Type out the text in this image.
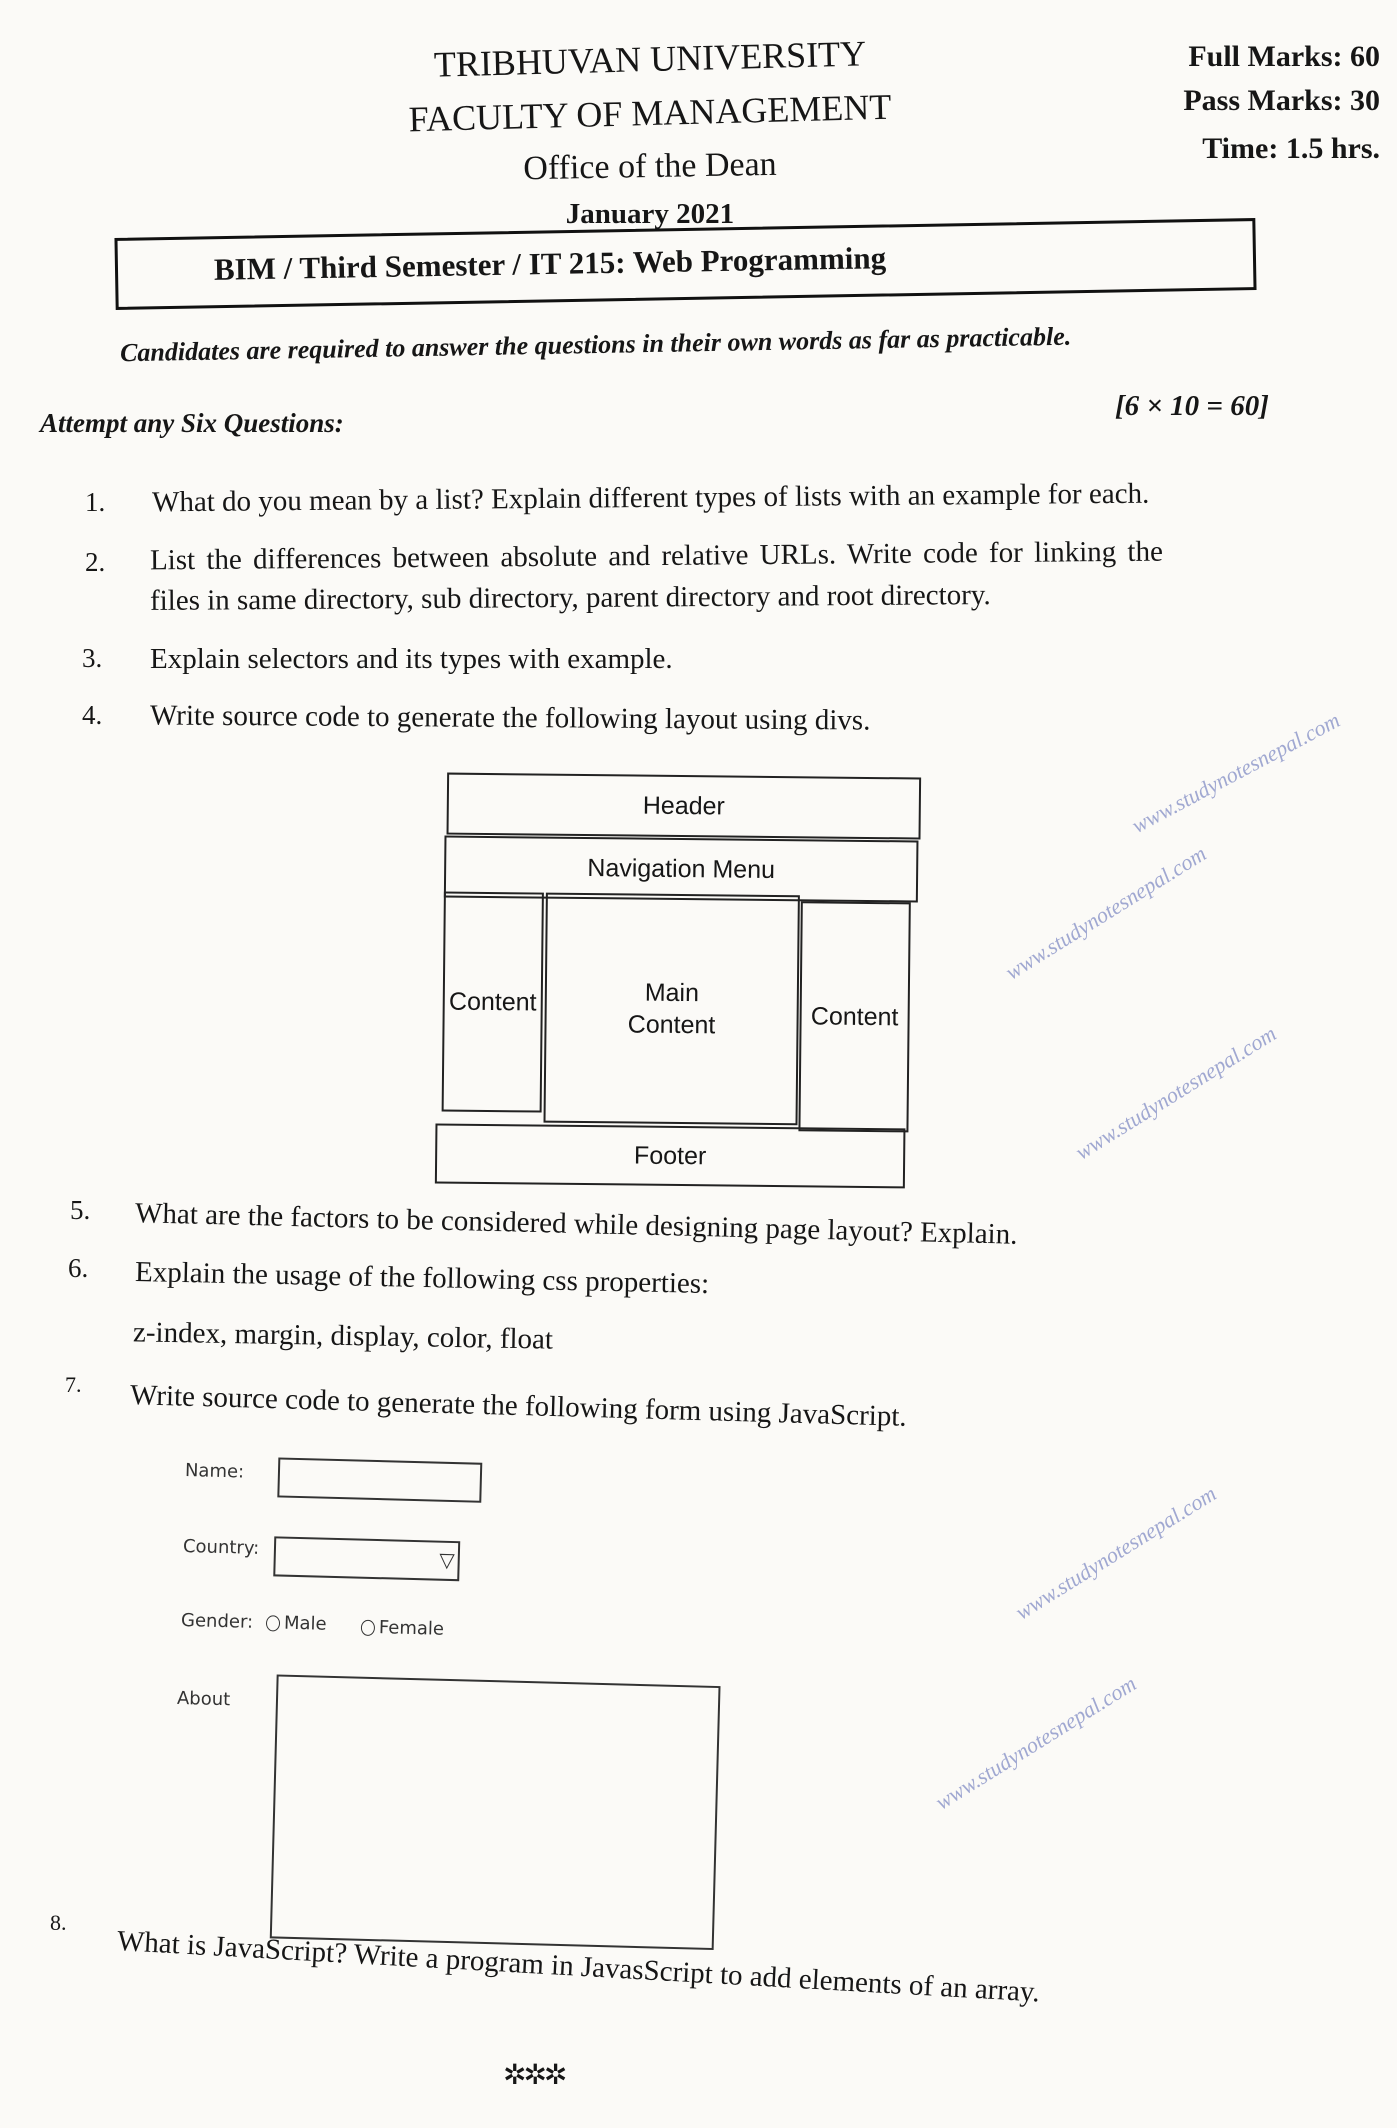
TRIBHUVAN UNIVERSITY
FACULTY OF MANAGEMENT
Office of the Dean
January 2021
Full Marks: 60
Pass Marks: 30
Time: 1.5 hrs.
BIM / Third Semester / IT 215: Web Programming
Candidates are required to answer the questions in their own words as far as practicable.
Attempt any Six Questions:
[6 × 10 = 60]
1. What do you mean by a list? Explain different types of lists with an example for each.
2. List the differences between absolute and relative URLs. Write code for linking the
files in same directory, sub directory, parent directory and root directory.
3. Explain selectors and its types with example.
4. Write source code to generate the following layout using divs.
Header
Navigation Menu
Content	Main Content	Content
Footer
www.studynotesnepal.com
www.studynotesnepal.com
www.studynotesnepal.com
www.studynotesnepal.com
www.studynotesnepal.com
5. What are the factors to be considered while designing page layout? Explain.
6. Explain the usage of the following css properties:
z-index, margin, display, color, float
7. Write source code to generate the following form using JavaScript.
Name:
Country:
▽
Gender:	Male	Female
About
8.
What is JavaScript? Write a program in JavasScript to add elements of an array.
✲✲✲
